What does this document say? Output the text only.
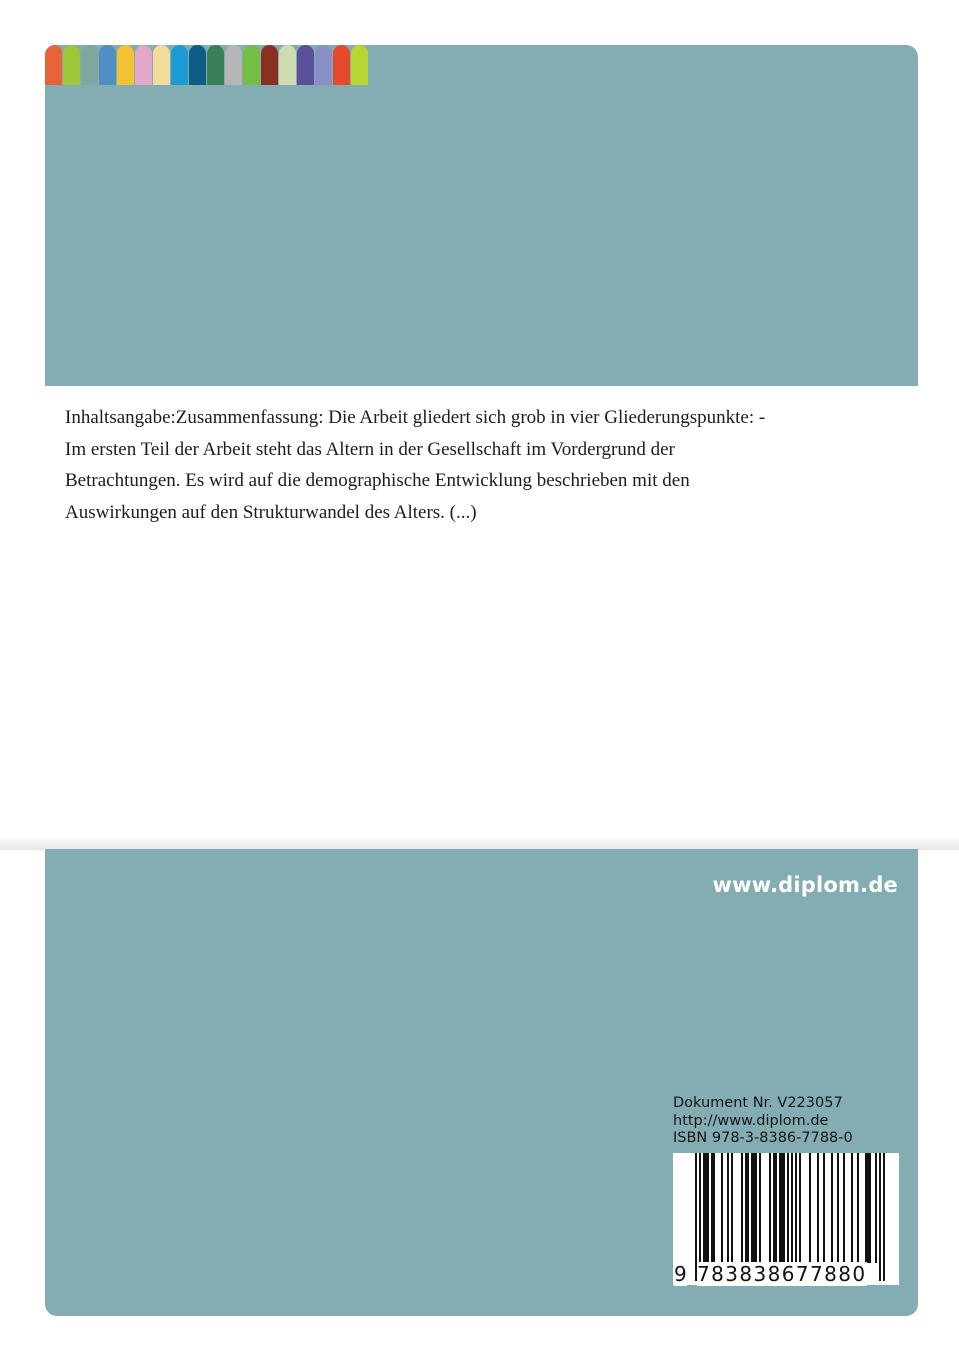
Inhaltsangabe:Zusammenfassung: Die Arbeit gliedert sich grob in vier Gliederungspunkte: - Im ersten Teil der Arbeit steht das Altern in der Gesellschaft im Vordergrund der Betrachtungen. Es wird auf die demographische Entwicklung beschrieben mit den Auswirkungen auf den Strukturwandel des Alters. (...)

www.diplom.de
Dokument Nr. V223057
http://www.diplom.de
ISBN 978-3-8386-7788-0
9 783838677880
